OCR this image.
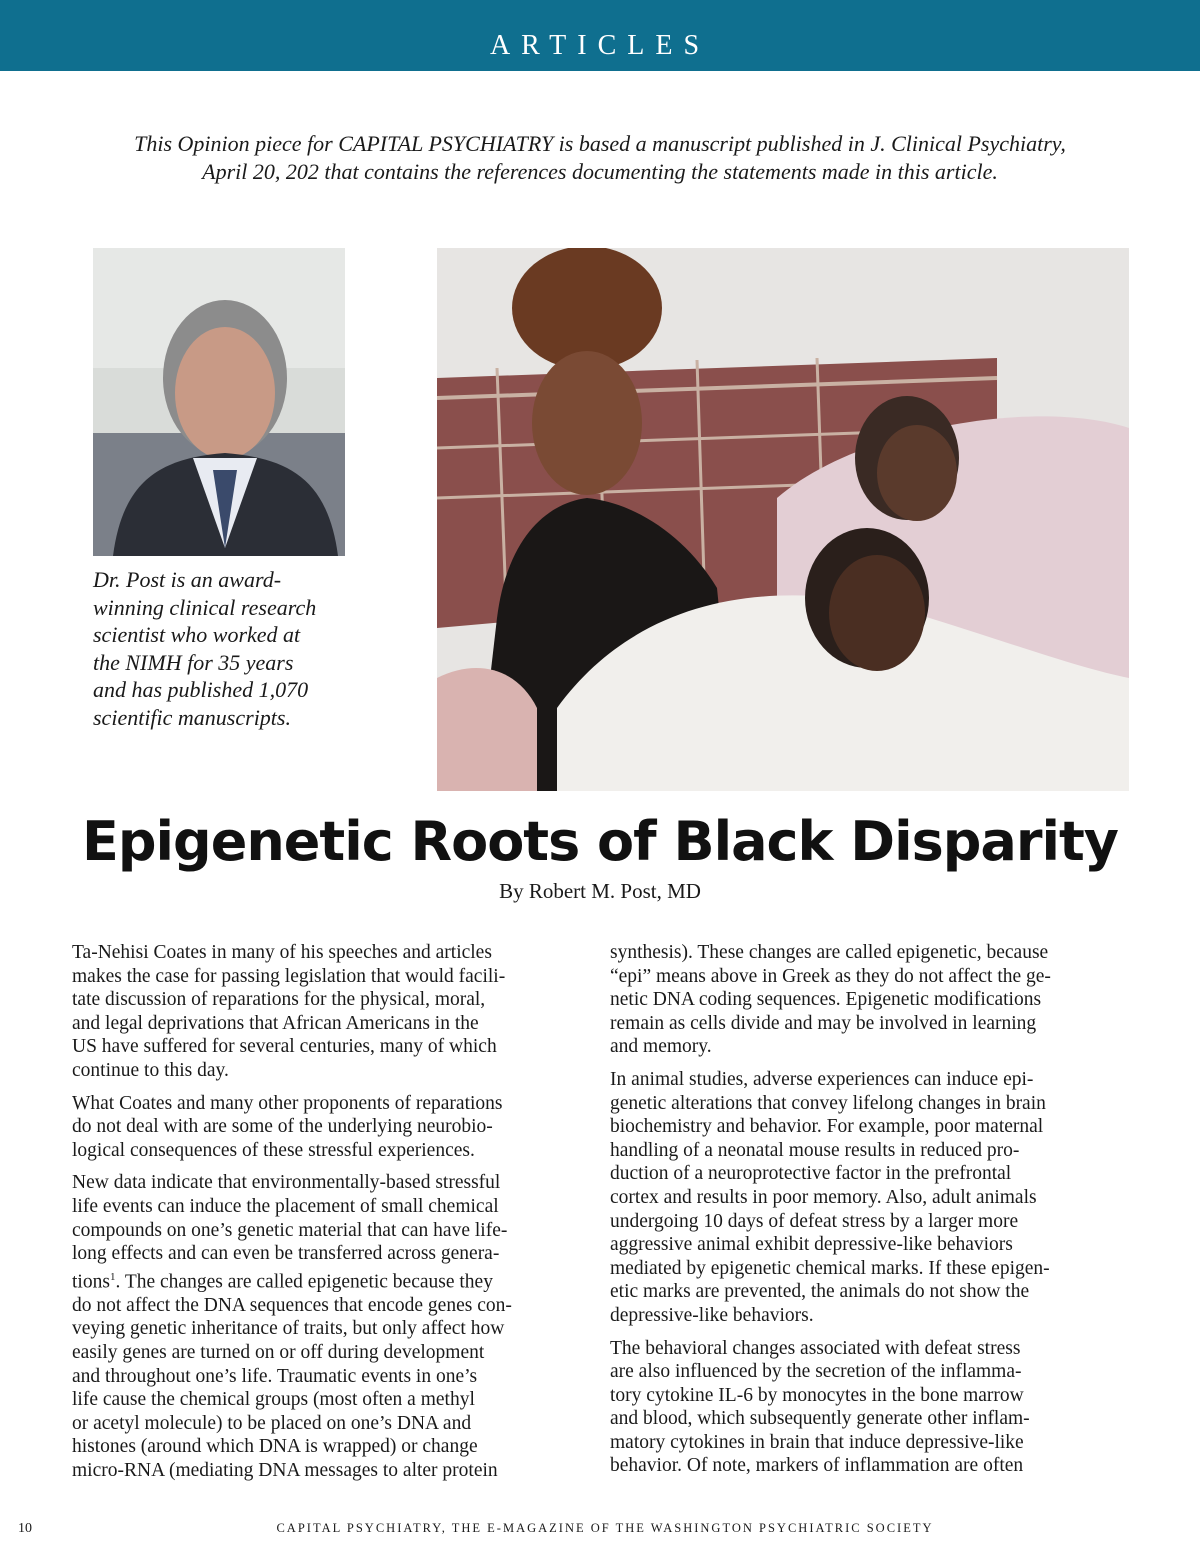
ARTICLES

This Opinion piece for CAPITAL PSYCHIATRY is based a manuscript published in J. Clinical Psychiatry,

April 20, 202 that contains the references documenting the statements made in this article.

Dr. Post is an award-
winning clinical research
scientist who worked at
the NIMH for 35 years
and has published 1,070
scientific manuscripts.
Epigenetic Roots of Black Disparity
By Robert M. Post, MD
Ta-Nehisi Coates in many of his speeches and articles
makes the case for passing legislation that would facili-
tate discussion of reparations for the physical, moral,
and legal deprivations that African Americans in the
US have suffered for several centuries, many of which
continue to this day.
What Coates and many other proponents of reparations
do not deal with are some of the underlying neurobio-
logical consequences of these stressful experiences.
New data indicate that environmentally-based stressful
life events can induce the placement of small chemical
compounds on one’s genetic material that can have life-
long effects and can even be transferred across genera-
tions$^1$. The changes are called epigenetic because they
do not affect the DNA sequences that encode genes con-
veying genetic inheritance of traits, but only affect how
easily genes are turned on or off during development
and throughout one’s life. Traumatic events in one’s
life cause the chemical groups (most often a methyl
or acetyl molecule) to be placed on one’s DNA and
histones (around which DNA is wrapped) or change
micro-RNA (mediating DNA messages to alter protein
synthesis). These changes are called epigenetic, because
“epi” means above in Greek as they do not affect the ge-
netic DNA coding sequences. Epigenetic modifications
remain as cells divide and may be involved in learning
and memory.
In animal studies, adverse experiences can induce epi-
genetic alterations that convey lifelong changes in brain
biochemistry and behavior. For example, poor maternal
handling of a neonatal mouse results in reduced pro-
duction of a neuroprotective factor in the prefrontal
cortex and results in poor memory. Also, adult animals
undergoing 10 days of defeat stress by a larger more
aggressive animal exhibit depressive-like behaviors
mediated by epigenetic chemical marks. If these epigen-
etic marks are prevented, the animals do not show the
depressive-like behaviors.
The behavioral changes associated with defeat stress
are also influenced by the secretion of the inflamma-
tory cytokine IL-6 by monocytes in the bone marrow
and blood, which subsequently generate other inflam-
matory cytokines in brain that induce depressive-like
behavior. Of note, markers of inflammation are often
10	CAPITAL PSYCHIATRY, THE E-MAGAZINE OF THE WASHINGTON PSYCHIATRIC SOCIETY
